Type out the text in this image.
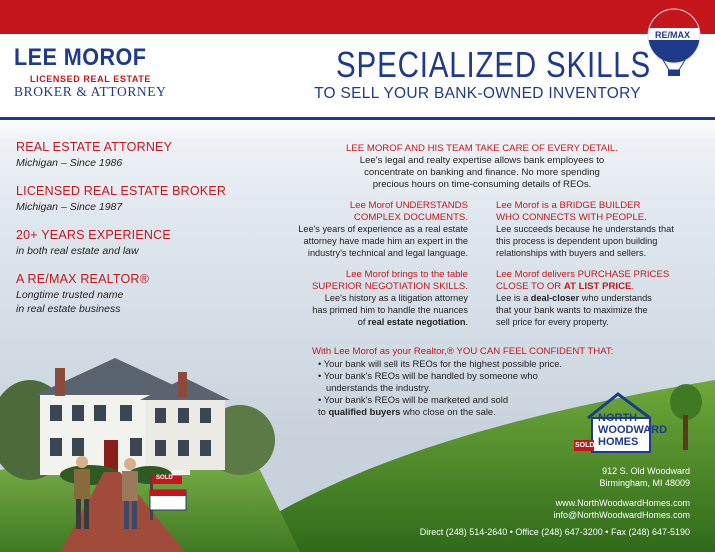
SOLD
RE/MAX
LEE MOROF
LICENSED REAL ESTATE
BROKER & ATTORNEY
SPECIALIZED SKILLS
TO SELL YOUR BANK-OWNED INVENTORY
REAL ESTATE ATTORNEY
Michigan – Since 1986
LICENSED REAL ESTATE BROKER
Michigan – Since 1987
20+ YEARS EXPERIENCE
in both real estate and law
A RE/MAX REALTOR®
Longtime trusted name
in real estate business
LEE MOROF AND HIS TEAM TAKE CARE OF EVERY DETAIL.
Lee's legal and realty expertise allows bank employees to
concentrate on banking and finance. No more spending
precious hours on time-consuming details of REOs.
Lee Morof UNDERSTANDS
COMPLEX DOCUMENTS.
Lee's years of experience as a real estate
attorney have made him an expert in the
industry's technical and legal language.
Lee Morof is a BRIDGE BUILDER
WHO CONNECTS WITH PEOPLE.
Lee succeeds because he understands that
this process is dependent upon building
relationships with buyers and sellers.
Lee Morof brings to the table
SUPERIOR NEGOTIATION SKILLS.
Lee's history as a litigation attorney
has primed him to handle the nuances
of real estate negotiation.
Lee Morof delivers PURCHASE PRICES
CLOSE TO OR AT LIST PRICE.
Lee is a deal-closer who understands
that your bank wants to maximize the
sell price for every property.
With Lee Morof as your Realtor,® YOU CAN FEEL CONFIDENT THAT:
• Your bank will sell its REOs for the highest possible price.
• Your bank's REOs will be handled by someone who
understands the industry.
• Your bank's REOs will be marketed and sold
to qualified buyers who close on the sale.
NORTH
WOODWARD
HOMES
SOLD!
912 S. Old Woodward
Birmingham, MI 48009
www.NorthWoodwardHomes.com
info@NorthWoodwardHomes.com
Direct (248) 514-2640 • Office (248) 647-3200 • Fax (248) 647-5190
